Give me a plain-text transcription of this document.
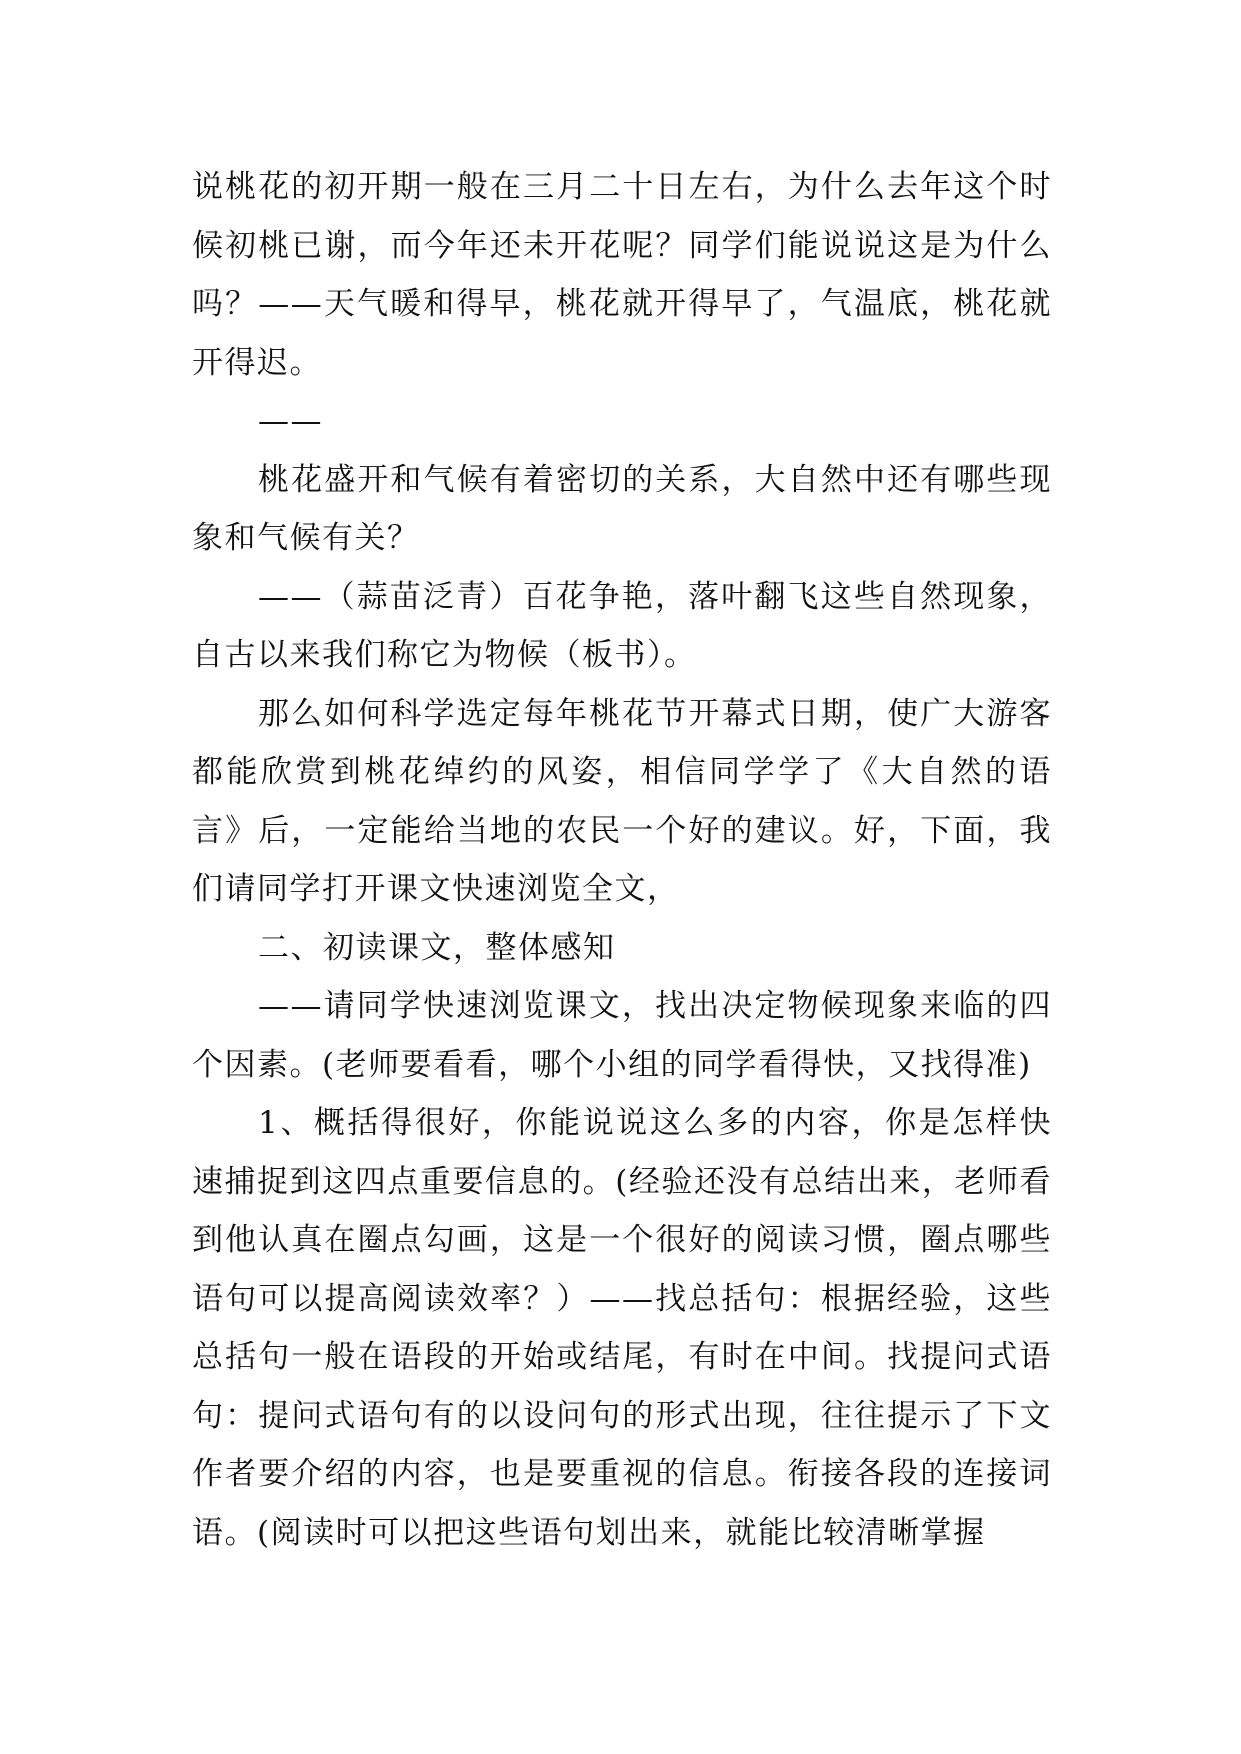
说桃花的初开期一般在三月二十日左右，为什么去年这个时候初桃已谢，而今年还未开花呢？同学们能说说这是为什么吗？——天气暖和得早，桃花就开得早了，气温底，桃花就开得迟。

——

桃花盛开和气候有着密切的关系，大自然中还有哪些现象和气候有关？

——（蒜苗泛青）百花争艳，落叶翻飞这些自然现象，自古以来我们称它为物候（板书）。

那么如何科学选定每年桃花节开幕式日期，使广大游客都能欣赏到桃花绰约的风姿，相信同学学了《大自然的语言》后，一定能给当地的农民一个好的建议。好，下面，我们请同学打开课文快速浏览全文，

二、初读课文，整体感知

——请同学快速浏览课文，找出决定物候现象来临的四个因素。(老师要看看，哪个小组的同学看得快，又找得准)

1、概括得很好，你能说说这么多的内容，你是怎样快速捕捉到这四点重要信息的。(经验还没有总结出来，老师看到他认真在圈点勾画，这是一个很好的阅读习惯，圈点哪些语句可以提高阅读效率？）——找总括句：根据经验，这些总括句一般在语段的开始或结尾，有时在中间。找提问式语句：提问式语句有的以设问句的形式出现，往往提示了下文作者要介绍的内容，也是要重视的信息。衔接各段的连接词语。(阅读时可以把这些语句划出来，就能比较清晰掌握
